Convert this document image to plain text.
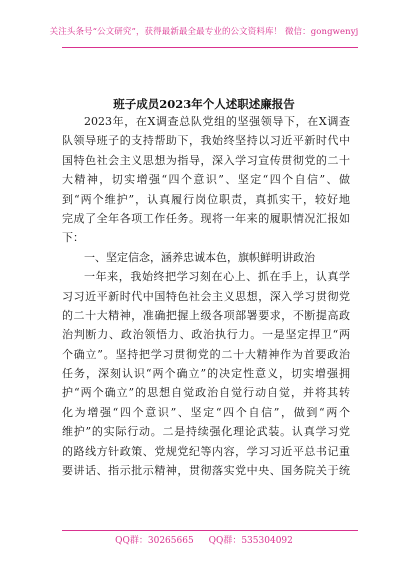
关注头条号“公文研究”，获得最新最全最专业的公文资料库！ 微信：gongwenyj
班子成员2023年个人述职述廉报告
2023年，在X调查总队党组的坚强领导下，在X调查
队领导班子的支持帮助下，我始终坚持以习近平新时代中
国特色社会主义思想为指导，深入学习宣传贯彻党的二十
大精神，切实增强“四个意识”、坚定“四个自信”、做
到“两个维护”，认真履行岗位职责，真抓实干，较好地
完成了全年各项工作任务。现将一年来的履职情况汇报如
下：
一、坚定信念，涵养忠诚本色，旗帜鲜明讲政治
一年来，我始终把学习刻在心上、抓在手上，认真学
习习近平新时代中国特色社会主义思想，深入学习贯彻党
的二十大精神，准确把握上级各项部署要求，不断提高政
治判断力、政治领悟力、政治执行力。一是坚定捍卫“两
个确立”。坚持把学习贯彻党的二十大精神作为首要政治
任务，深刻认识“两个确立”的决定性意义，切实增强拥
护“两个确立”的思想自觉政治自觉行动自觉，并将其转
化为增强“四个意识”、坚定“四个自信”，做到“两个
维护”的实际行动。二是持续强化理论武装。认真学习党
的路线方针政策、党规党纪等内容，学习习近平总书记重
要讲话、指示批示精神，贯彻落实党中央、国务院关于统
QQ群：30265665 QQ群：535304092
